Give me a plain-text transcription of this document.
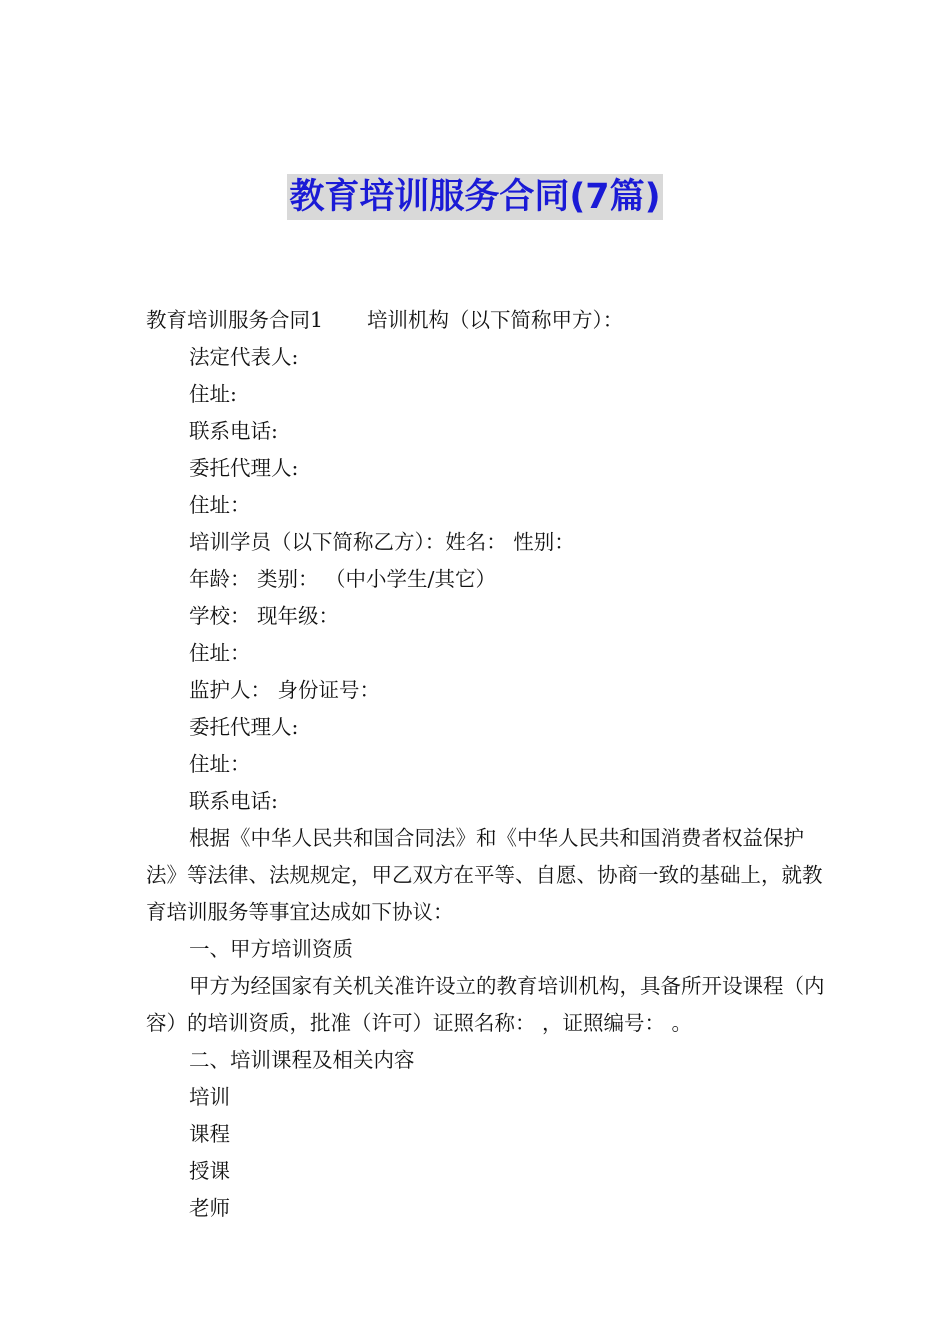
教育培训服务合同(7篇)
教育培训服务合同1 培训机构（以下简称甲方）：
法定代表人:
住址:
联系电话:
委托代理人:
住址：
培训学员（以下简称乙方）：姓名： 性别：
年龄： 类别： （中小学生/其它）
学校： 现年级：
住址：
监护人： 身份证号：
委托代理人:
住址：
联系电话:
根据《中华人民共和国合同法》和《中华人民共和国消费者权益保护法》等法律、法规规定，甲乙双方在平等、自愿、协商一致的基础上，就教育培训服务等事宜达成如下协议：
一、甲方培训资质
甲方为经国家有关机关准许设立的教育培训机构，具备所开设课程（内容）的培训资质，批准（许可）证照名称： ，证照编号： 。
二、培训课程及相关内容
培训
课程
授课
老师
